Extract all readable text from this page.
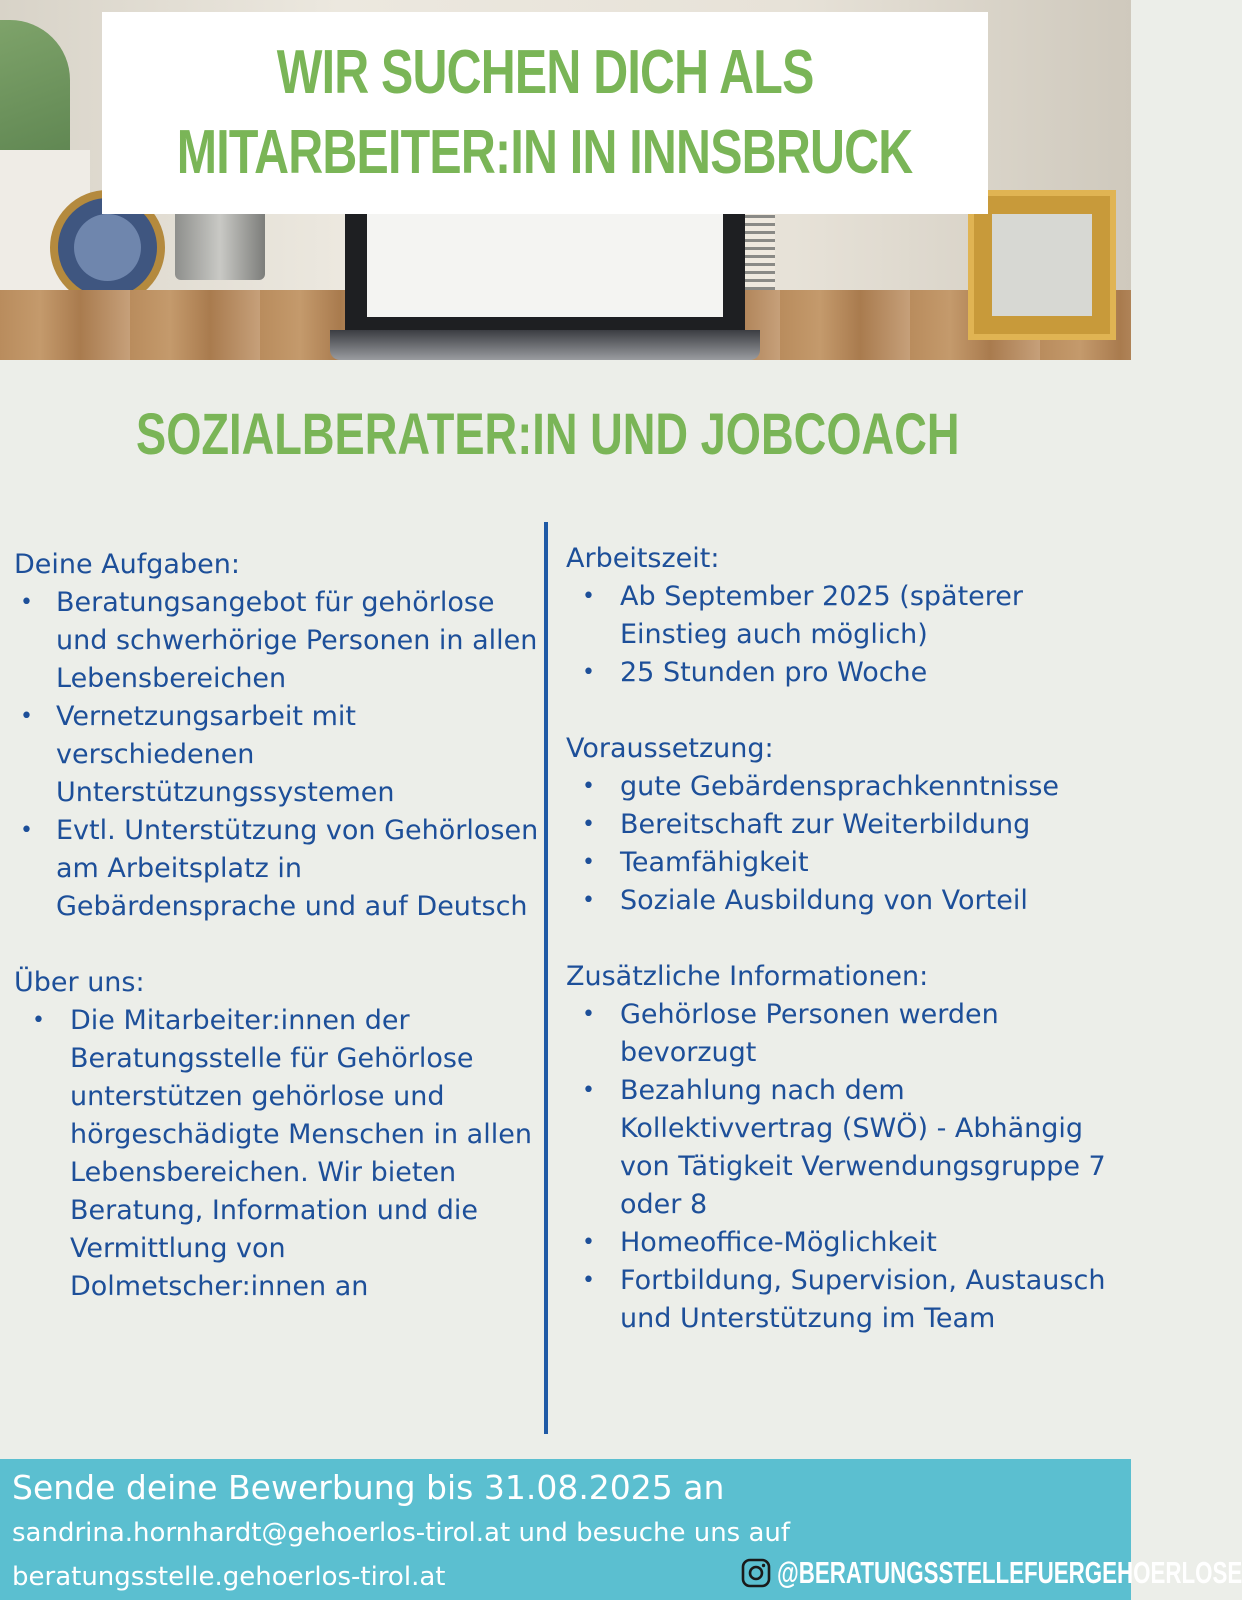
WIR SUCHEN DICH ALS
MITARBEITER:IN IN INNSBRUCK
SOZIALBERATER:IN UND JOBCOACH
Deine Aufgaben:
• Beratungsangebot für gehörlose und schwerhörige Personen in allen Lebensbereichen
• Vernetzungsarbeit mit verschiedenen Unterstützungssystemen
• Evtl. Unterstützung von Gehörlosen am Arbeitsplatz in Gebärdensprache und auf Deutsch
Über uns:
• Die Mitarbeiter:innen der Beratungsstelle für Gehörlose unterstützen gehörlose und hörgeschädigte Menschen in allen Lebensbereichen. Wir bieten Beratung, Information und die Vermittlung von Dolmetscher:innen an
Arbeitszeit:
• Ab September 2025 (späterer Einstieg auch möglich)
• 25 Stunden pro Woche
Voraussetzung:
• gute Gebärdensprachkenntnisse
• Bereitschaft zur Weiterbildung
• Teamfähigkeit
• Soziale Ausbildung von Vorteil
Zusätzliche Informationen:
• Gehörlose Personen werden bevorzugt
• Bezahlung nach dem Kollektivvertrag (SWÖ) - Abhängig von Tätigkeit Verwendungsgruppe 7 oder 8
• Homeoffice-Möglichkeit
• Fortbildung, Supervision, Austausch und Unterstützung im Team
Sende deine Bewerbung bis 31.08.2025 an
sandrina.hornhardt@gehoerlos-tirol.at und besuche uns auf
beratungsstelle.gehoerlos-tirol.at	@BERATUNGSSTELLEFUERGEHOERLOSE
